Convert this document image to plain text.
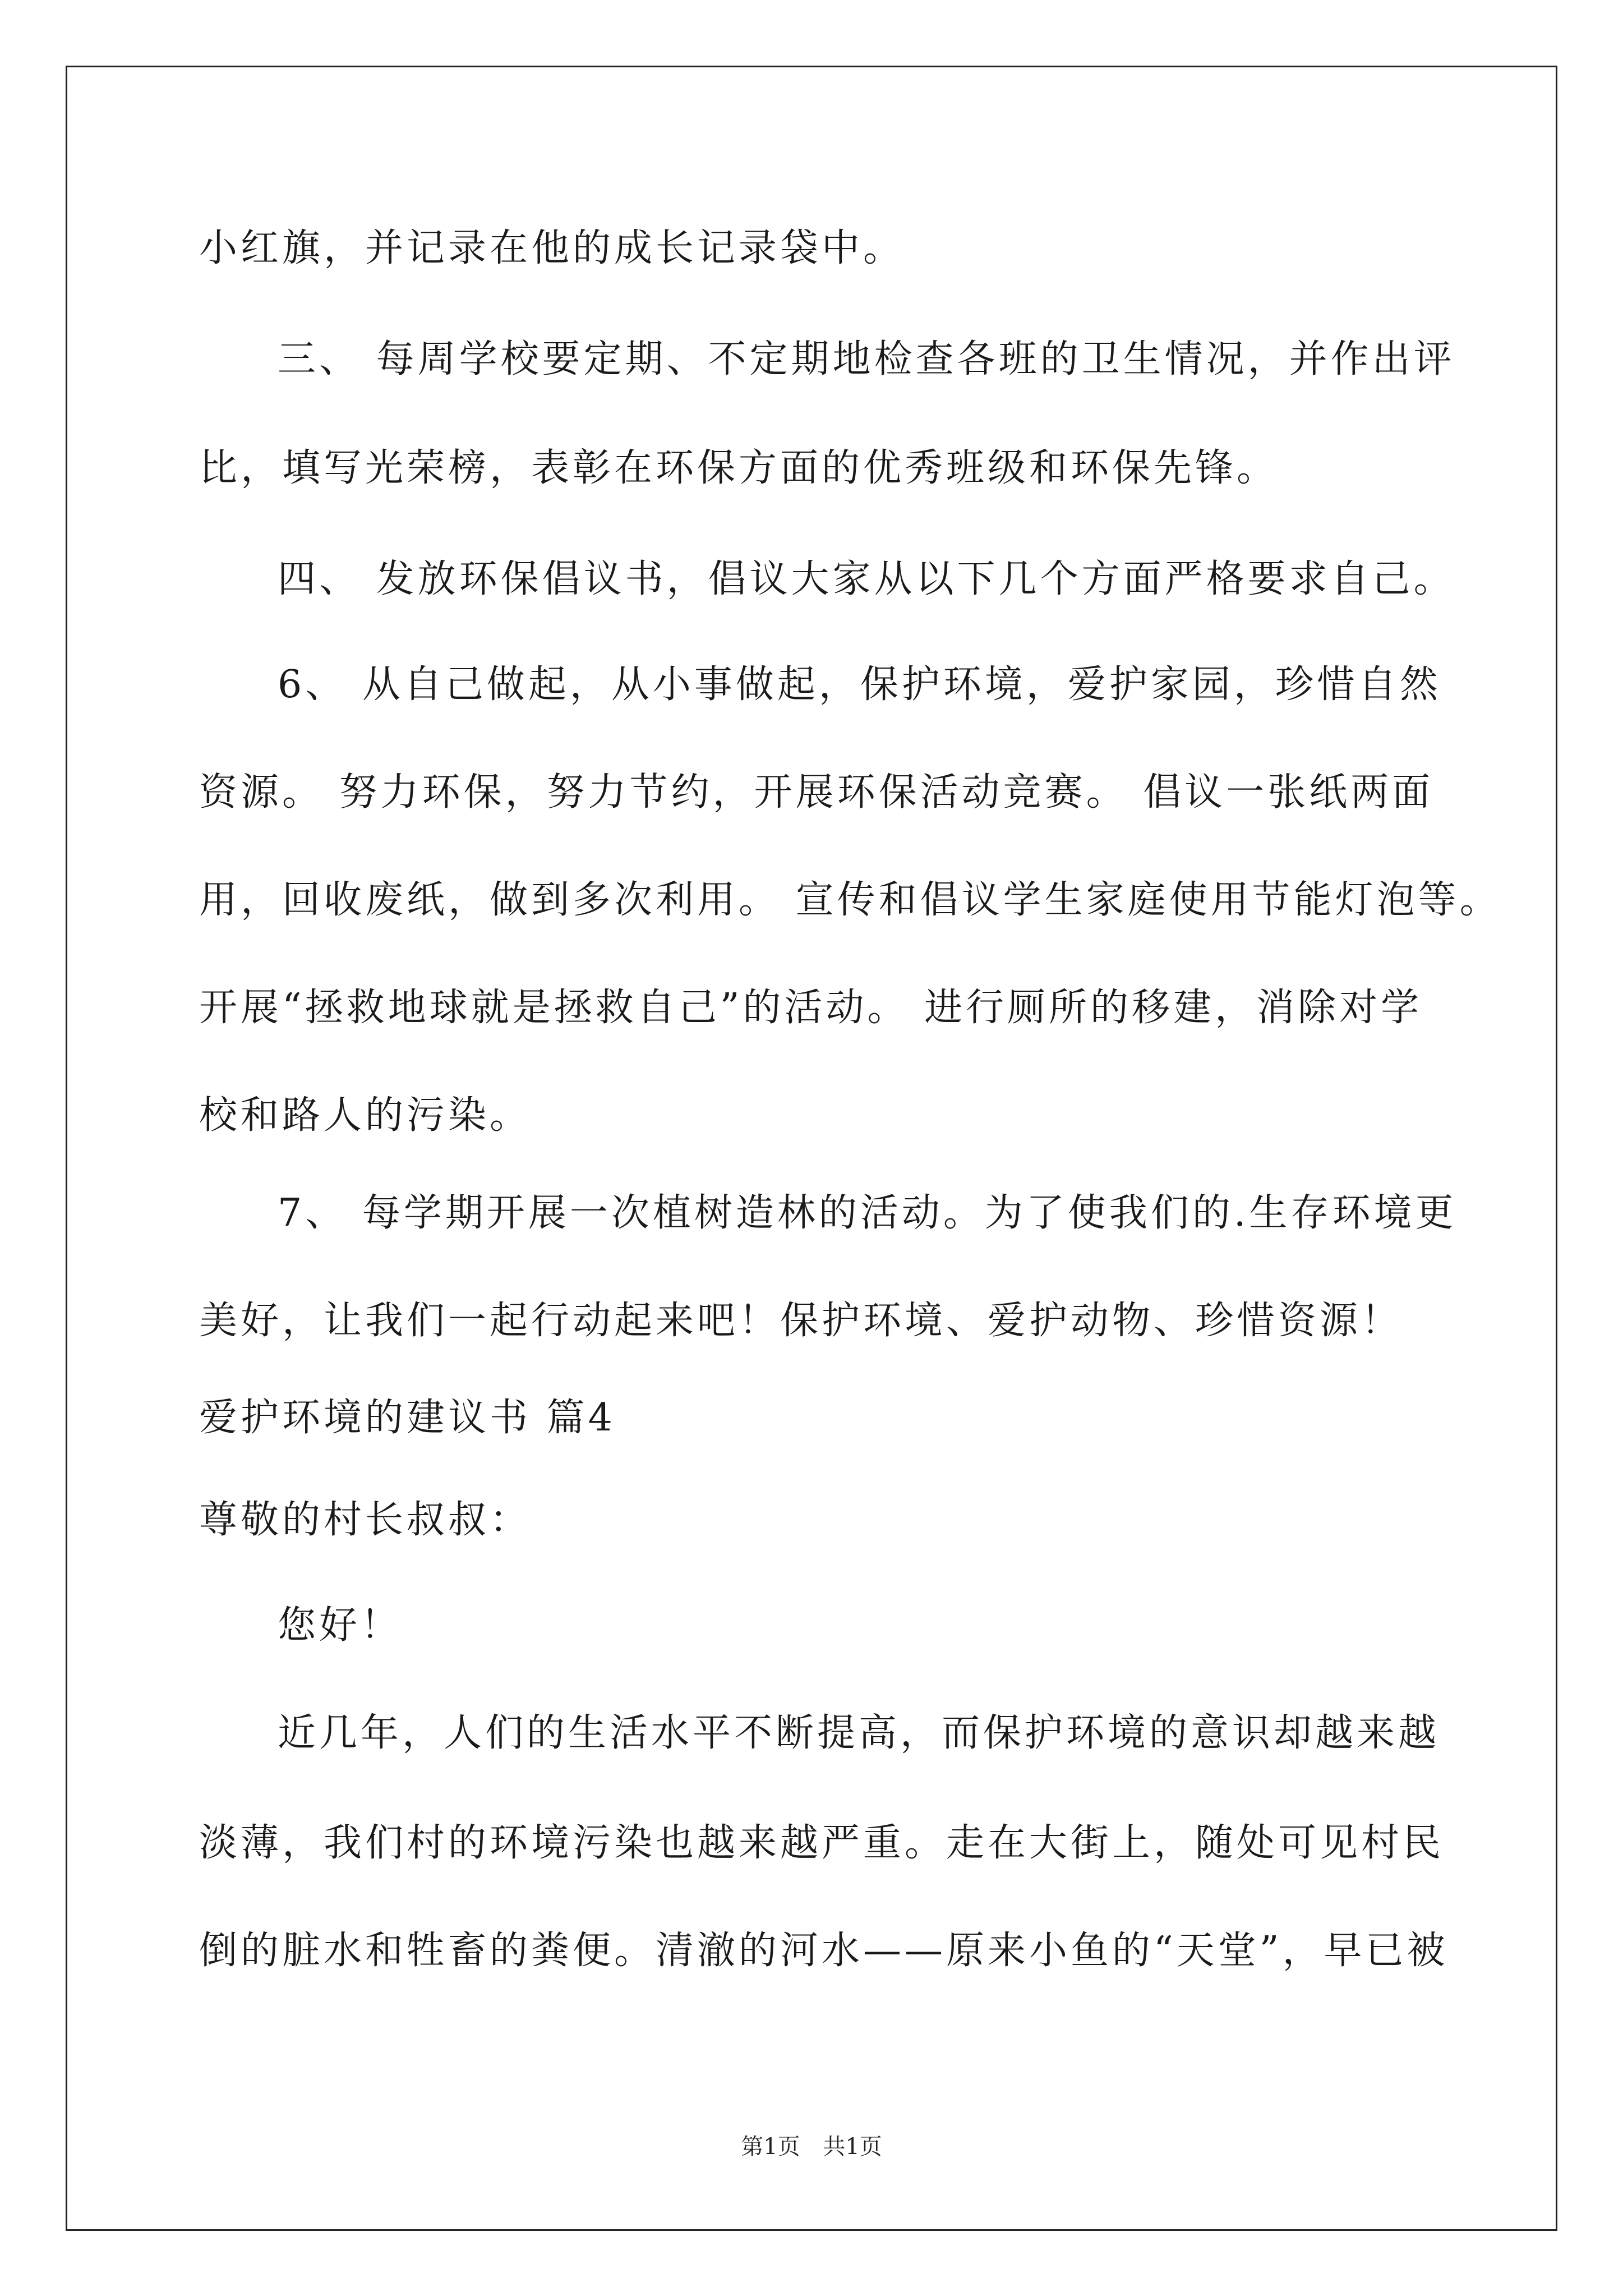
小红旗，并记录在他的成长记录袋中。
三、 每周学校要定期、不定期地检查各班的卫生情况，并作出评
比，填写光荣榜，表彰在环保方面的优秀班级和环保先锋。
四、 发放环保倡议书，倡议大家从以下几个方面严格要求自己。
6、 从自己做起，从小事做起，保护环境，爱护家园，珍惜自然
资源。 努力环保，努力节约，开展环保活动竞赛。 倡议一张纸两面
用，回收废纸，做到多次利用。 宣传和倡议学生家庭使用节能灯泡等。
开展“拯救地球就是拯救自己”的活动。 进行厕所的移建，消除对学
校和路人的污染。
7、 每学期开展一次植树造林的活动。为了使我们的.生存环境更
美好，让我们一起行动起来吧！保护环境、爱护动物、珍惜资源！
爱护环境的建议书 篇4
尊敬的村长叔叔：
您好！
近几年，人们的生活水平不断提高，而保护环境的意识却越来越
淡薄，我们村的环境污染也越来越严重。走在大街上，随处可见村民
倒的脏水和牲畜的粪便。清澈的河水——原来小鱼的“天堂”，早已被
第1页 共1页
